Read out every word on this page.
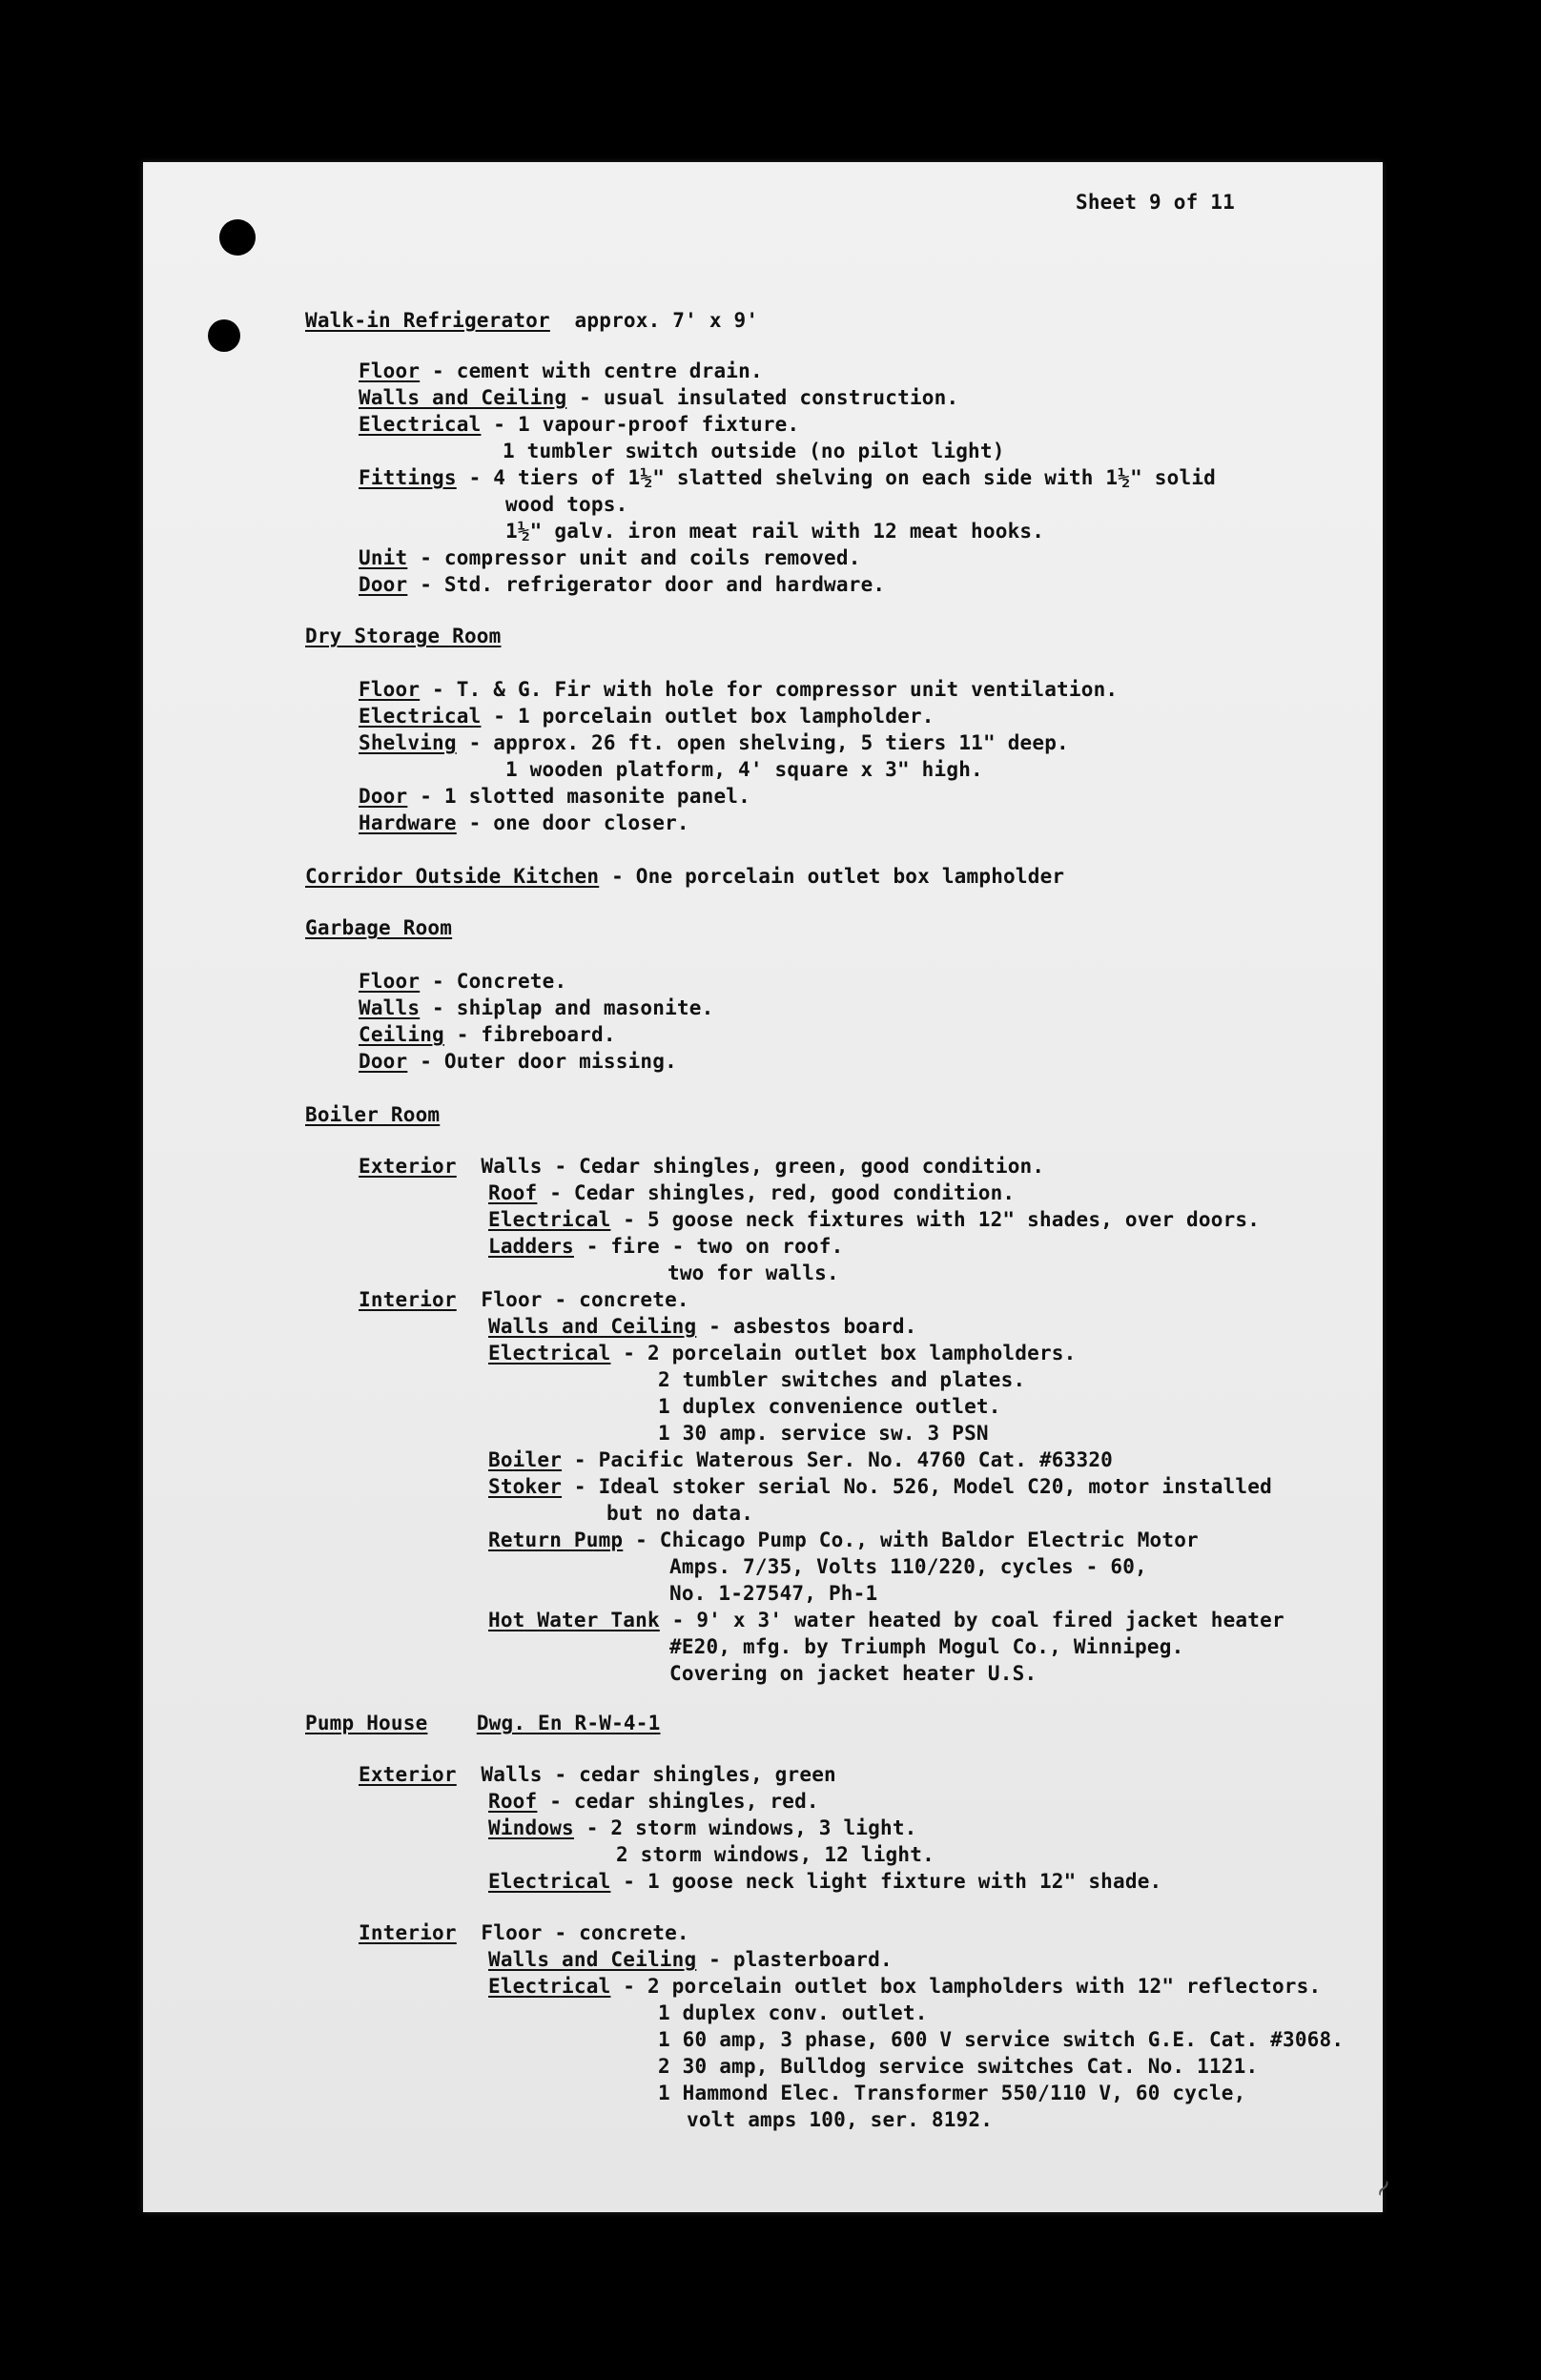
Sheet 9 of 11
Walk-in Refrigerator  approx. 7' x 9'
Floor - cement with centre drain.
Walls and Ceiling - usual insulated construction.
Electrical - 1 vapour-proof fixture.
1 tumbler switch outside (no pilot light)
Fittings - 4 tiers of 1½" slatted shelving on each side with 1½" solid
wood tops.
1½" galv. iron meat rail with 12 meat hooks.
Unit - compressor unit and coils removed.
Door - Std. refrigerator door and hardware.
Dry Storage Room
Floor - T. & G. Fir with hole for compressor unit ventilation.
Electrical - 1 porcelain outlet box lampholder.
Shelving - approx. 26 ft. open shelving, 5 tiers 11" deep.
1 wooden platform, 4' square x 3" high.
Door - 1 slotted masonite panel.
Hardware - one door closer.
Corridor Outside Kitchen - One porcelain outlet box lampholder
Garbage Room
Floor - Concrete.
Walls - shiplap and masonite.
Ceiling - fibreboard.
Door - Outer door missing.
Boiler Room
Exterior  Walls - Cedar shingles, green, good condition.
Roof - Cedar shingles, red, good condition.
Electrical - 5 goose neck fixtures with 12" shades, over doors.
Ladders - fire - two on roof.
two for walls.
Interior  Floor - concrete.
Walls and Ceiling - asbestos board.
Electrical - 2 porcelain outlet box lampholders.
2 tumbler switches and plates.
1 duplex convenience outlet.
1 30 amp. service sw. 3 PSN
Boiler - Pacific Waterous Ser. No. 4760 Cat. #63320
Stoker - Ideal stoker serial No. 526, Model C20, motor installed
but no data.
Return Pump - Chicago Pump Co., with Baldor Electric Motor
Amps. 7/35, Volts 110/220, cycles - 60,
No. 1-27547, Ph-1
Hot Water Tank - 9' x 3' water heated by coal fired jacket heater
#E20, mfg. by Triumph Mogul Co., Winnipeg.
Covering on jacket heater U.S.
Pump House Dwg. En R-W-4-1
Exterior  Walls - cedar shingles, green
Roof - cedar shingles, red.
Windows - 2 storm windows, 3 light.
2 storm windows, 12 light.
Electrical - 1 goose neck light fixture with 12" shade.
Interior  Floor - concrete.
Walls and Ceiling - plasterboard.
Electrical - 2 porcelain outlet box lampholders with 12" reflectors.
1 duplex conv. outlet.
1 60 amp, 3 phase, 600 V service switch G.E. Cat. #3068.
2 30 amp, Bulldog service switches Cat. No. 1121.
1 Hammond Elec. Transformer 550/110 V, 60 cycle,
volt amps 100, ser. 8192.
~
